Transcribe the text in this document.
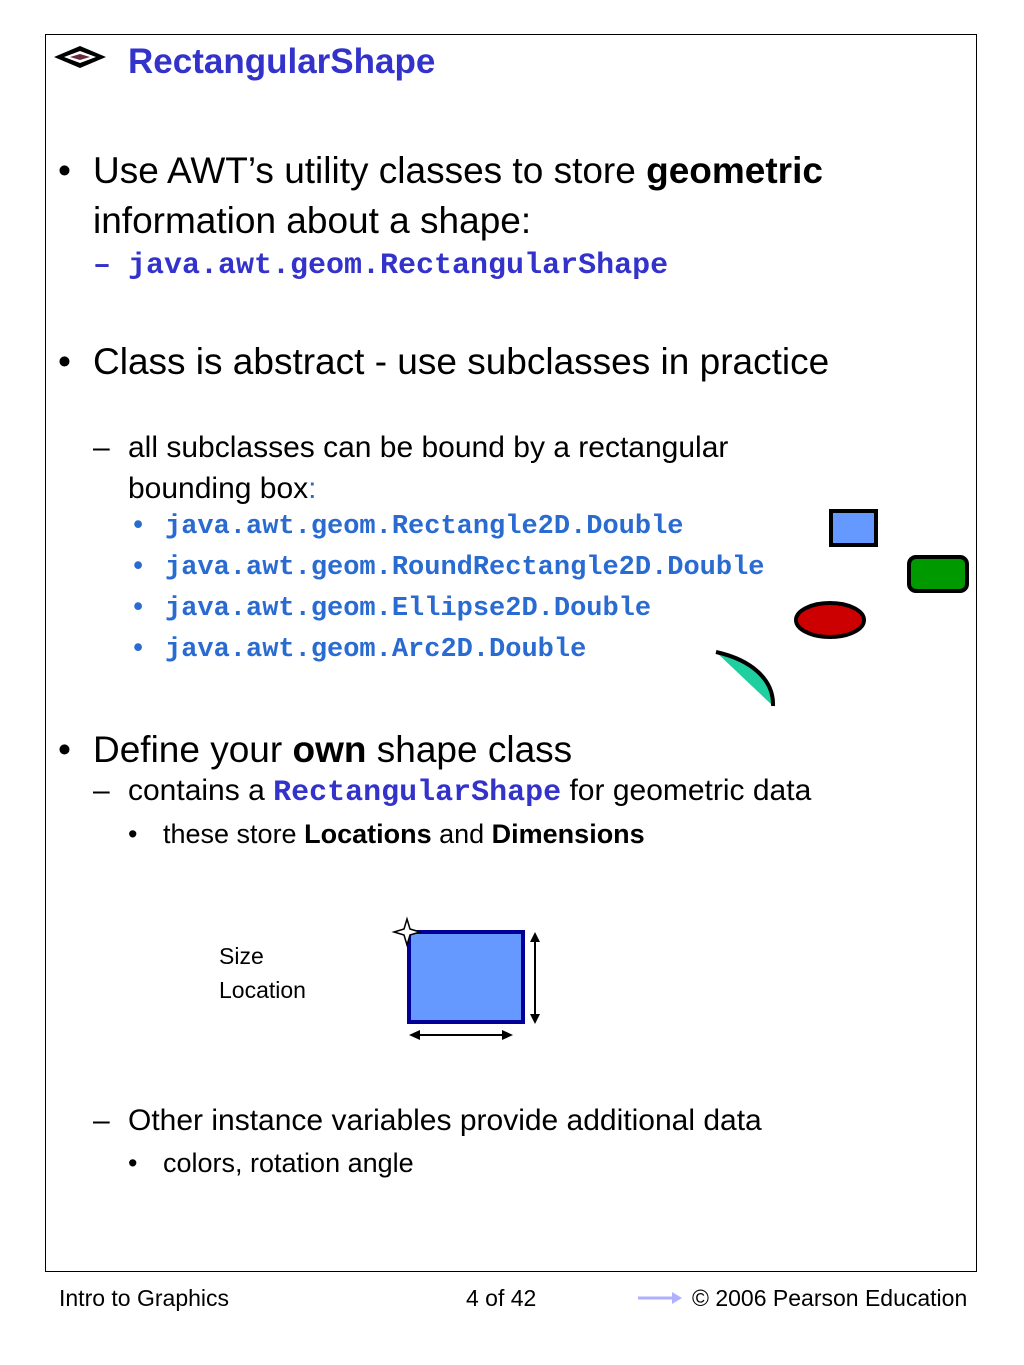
RectangularShape
• Use AWT’s utility classes to store geometric
information about a shape:
– java.awt.geom.RectangularShape
• Class is abstract - use subclasses in practice
– all subclasses can be bound by a rectangular
bounding box:
• java.awt.geom.Rectangle2D.Double
• java.awt.geom.RoundRectangle2D.Double
• java.awt.geom.Ellipse2D.Double
• java.awt.geom.Arc2D.Double
• Define your own shape class
– contains a RectangularShape for geometric data
• these store Locations and Dimensions
Size
Location
– Other instance variables provide additional data
• colors, rotation angle
Intro to Graphics	4 of 42	© 2006 Pearson Education
